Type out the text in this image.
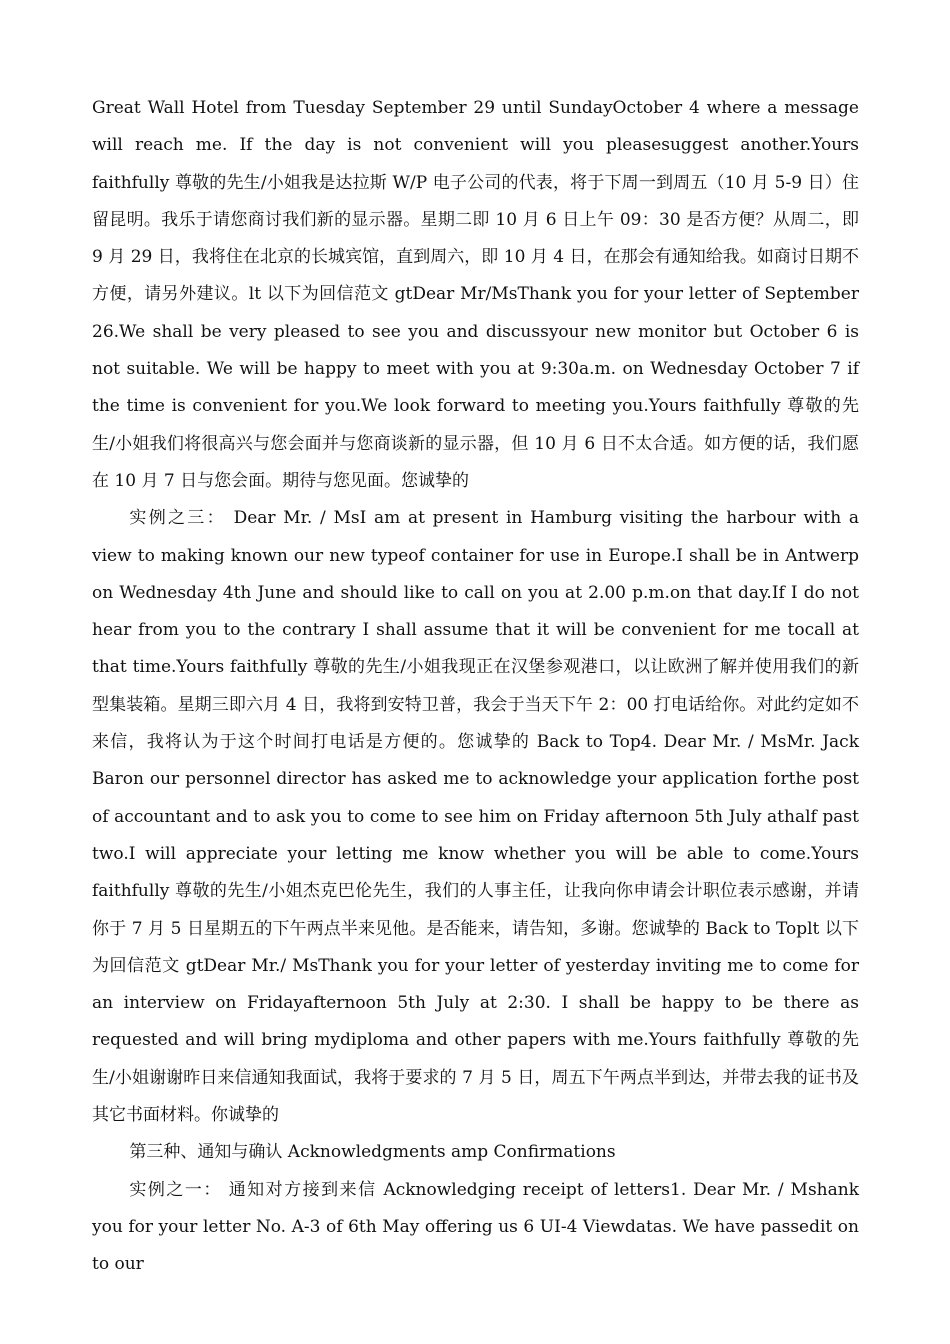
Great Wall Hotel from Tuesday September 29 until SundayOctober 4 where a message will reach me. If the day is not convenient will you pleasesuggest another.Yours faithfully 尊敬的先生/小姐我是达拉斯 W/P 电子公司的代表，将于下周一到周五（10 月 5-9 日）住留昆明。我乐于请您商讨我们新的显示器。星期二即 10 月 6 日上午 09：30 是否方便？从周二，即 9 月 29 日，我将住在北京的长城宾馆，直到周六，即 10 月 4 日，在那会有通知给我。如商讨日期不方便，请另外建议。lt 以下为回信范文 gtDear Mr/MsThank you for your letter of September 26.We shall be very pleased to see you and discussyour new monitor but October 6 is not suitable. We will be happy to meet with you at 9:30a.m. on Wednesday October 7 if the time is convenient for you.We look forward to meeting you.Yours faithfully 尊敬的先生/小姐我们将很高兴与您会面并与您商谈新的显示器，但 10 月 6 日不太合适。如方便的话，我们愿在 10 月 7 日与您会面。期待与您见面。您诚挚的

实例之三： Dear Mr. / MsI am at present in Hamburg visiting the harbour with a view to making known our new typeof container for use in Europe.I shall be in Antwerp on Wednesday 4th June and should like to call on you at 2.00 p.m.on that day.If I do not hear from you to the contrary I shall assume that it will be convenient for me tocall at that time.Yours faithfully 尊敬的先生/小姐我现正在汉堡参观港口，以让欧洲了解并使用我们的新型集装箱。星期三即六月 4 日，我将到安特卫普，我会于当天下午 2：00 打电话给你。对此约定如不来信，我将认为于这个时间打电话是方便的。您诚挚的 Back to Top4. Dear Mr. / MsMr. Jack Baron our personnel director has asked me to acknowledge your application forthe post of accountant and to ask you to come to see him on Friday afternoon 5th July athalf past two.I will appreciate your letting me know whether you will be able to come.Yours faithfully 尊敬的先生/小姐杰克巴伦先生，我们的人事主任，让我向你申请会计职位表示感谢，并请你于 7 月 5 日星期五的下午两点半来见他。是否能来，请告知，多谢。您诚挚的 Back to Toplt 以下为回信范文 gtDear Mr./ MsThank you for your letter of yesterday inviting me to come for an interview on Fridayafternoon 5th July at 2:30. I shall be happy to be there as requested and will bring mydiploma and other papers with me.Yours faithfully 尊敬的先生/小姐谢谢昨日来信通知我面试，我将于要求的 7 月 5 日，周五下午两点半到达，并带去我的证书及其它书面材料。你诚挚的

第三种、通知与确认 Acknowledgments amp Confirmations

实例之一： 通知对方接到来信 Acknowledging receipt of letters1. Dear Mr. / Mshank you for your letter No. A-3 of 6th May offering us 6 UI-4 Viewdatas. We have passedit on to our
